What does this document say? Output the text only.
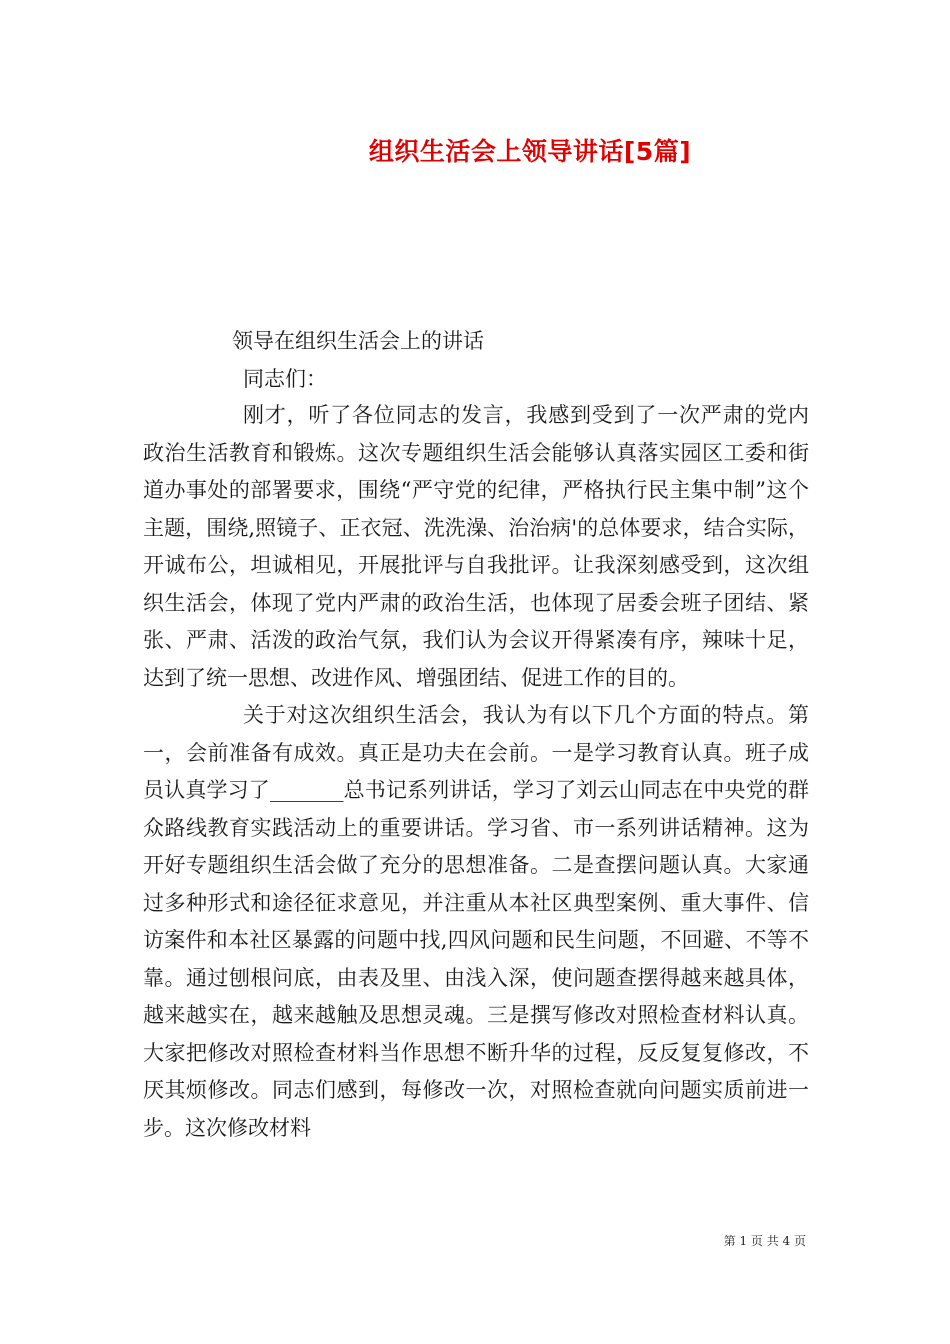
组织生活会上领导讲话[5篇]
领导在组织生活会上的讲话
同志们：

刚才，听了各位同志的发言，我感到受到了一次严肃的党内政治生活教育和锻炼。这次专题组织生活会能够认真落实园区工委和街道办事处的部署要求，围绕“严守党的纪律，严格执行民主集中制”这个主题，围绕,照镜子、正衣冠、洗洗澡、治治病'的总体要求，结合实际，开诚布公，坦诚相见，开展批评与自我批评。让我深刻感受到，这次组织生活会，体现了党内严肃的政治生活，也体现了居委会班子团结、紧张、严肃、活泼的政治气氛，我们认为会议开得紧凑有序，辣味十足，达到了统一思想、改进作风、增强团结、促进工作的目的。

关于对这次组织生活会，我认为有以下几个方面的特点。第一，会前准备有成效。真正是功夫在会前。一是学习教育认真。班子成员认真学习了_______总书记系列讲话，学习了刘云山同志在中央党的群众路线教育实践活动上的重要讲话。学习省、市一系列讲话精神。这为开好专题组织生活会做了充分的思想准备。二是查摆问题认真。大家通过多种形式和途径征求意见，并注重从本社区典型案例、重大事件、信访案件和本社区暴露的问题中找,四风问题和民生问题，不回避、不等不靠。通过刨根问底，由表及里、由浅入深，使问题查摆得越来越具体，越来越实在，越来越触及思想灵魂。三是撰写修改对照检查材料认真。大家把修改对照检查材料当作思想不断升华的过程，反反复复修改，不厌其烦修改。同志们感到，每修改一次，对照检查就向问题实质前进一步。这次修改材料

第 1 页 共 4 页
